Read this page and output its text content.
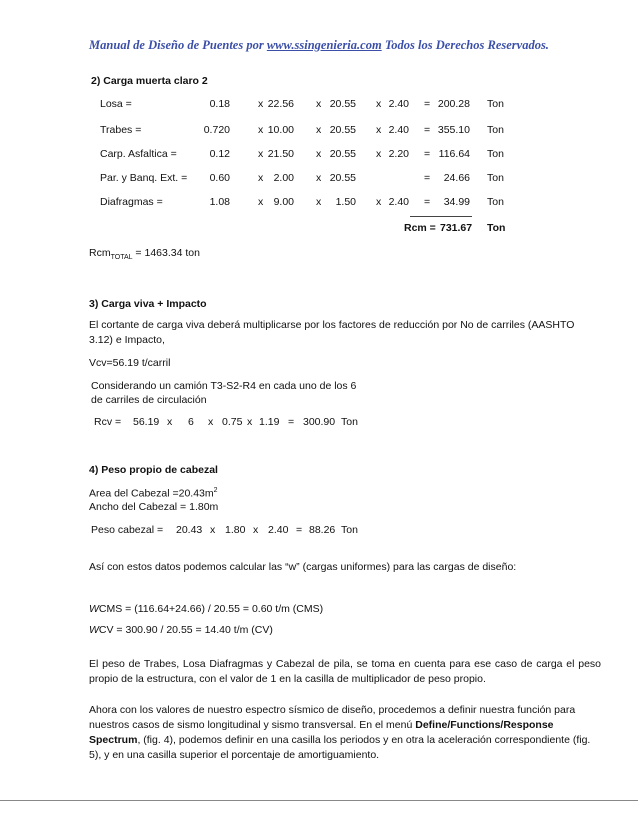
Manual de Diseño de Puentes por www.ssingenieria.com Todos los Derechos Reservados.
2) Carga muerta claro 2
Losa =	0.18	x 22.56 x 20.55 x 2.40 = 200.28 Ton
Trabes =	0.720	x 10.00 x 20.55 x 2.40 = 355.10 Ton
Carp. Asfaltica =	0.12	x 21.50 x 20.55 x 2.20 = 116.64 Ton
Par. y Banq. Ext. =	0.60	x 2.00 x 20.55	=	24.66 Ton
Diafragmas =	1.08	x 9.00 x	1.50 x 2.40 =	34.99 Ton
Rcm = 731.67 Ton
Rcm$_{TOTAL}$ = 1463.34 ton
3) Carga viva + Impacto
El cortante de carga viva deberá multiplicarse por los factores de reducción por No de carriles (AASHTO 3.12) e Impacto,
Vcv=56.19 t/carril
Considerando un camión T3-S2-R4 en cada uno de los 6
de carriles de circulación
Rcv = 56.19 x 6 x 0.75 x 1.19 = 300.90 Ton
4) Peso propio de cabezal
Area del Cabezal $=20.43m^2$
Ancho del Cabezal = 1.80m
Peso cabezal = 20.43 x 1.80 x 2.40 = 88.26 Ton
Así con estos datos podemos calcular las “w” (cargas uniformes) para las cargas de diseño:
WCMS = (116.64+24.66) / 20.55 = 0.60 t/m (CMS)
WCV = 300.90 / 20.55 = 14.40 t/m (CV)
El peso de Trabes, Losa Diafragmas y Cabezal de pila, se toma en cuenta para ese caso de carga el peso propio de la estructura, con el valor de 1 en la casilla de multiplicador de peso propio.
Ahora con los valores de nuestro espectro sísmico de diseño, procedemos a definir nuestra función para nuestros casos de sismo longitudinal y sismo transversal. En el menú Define/Functions/Response Spectrum, (fig. 4), podemos definir en una casilla los periodos y en otra la aceleración correspondiente (fig. 5), y en una casilla superior el porcentaje de amortiguamiento.
